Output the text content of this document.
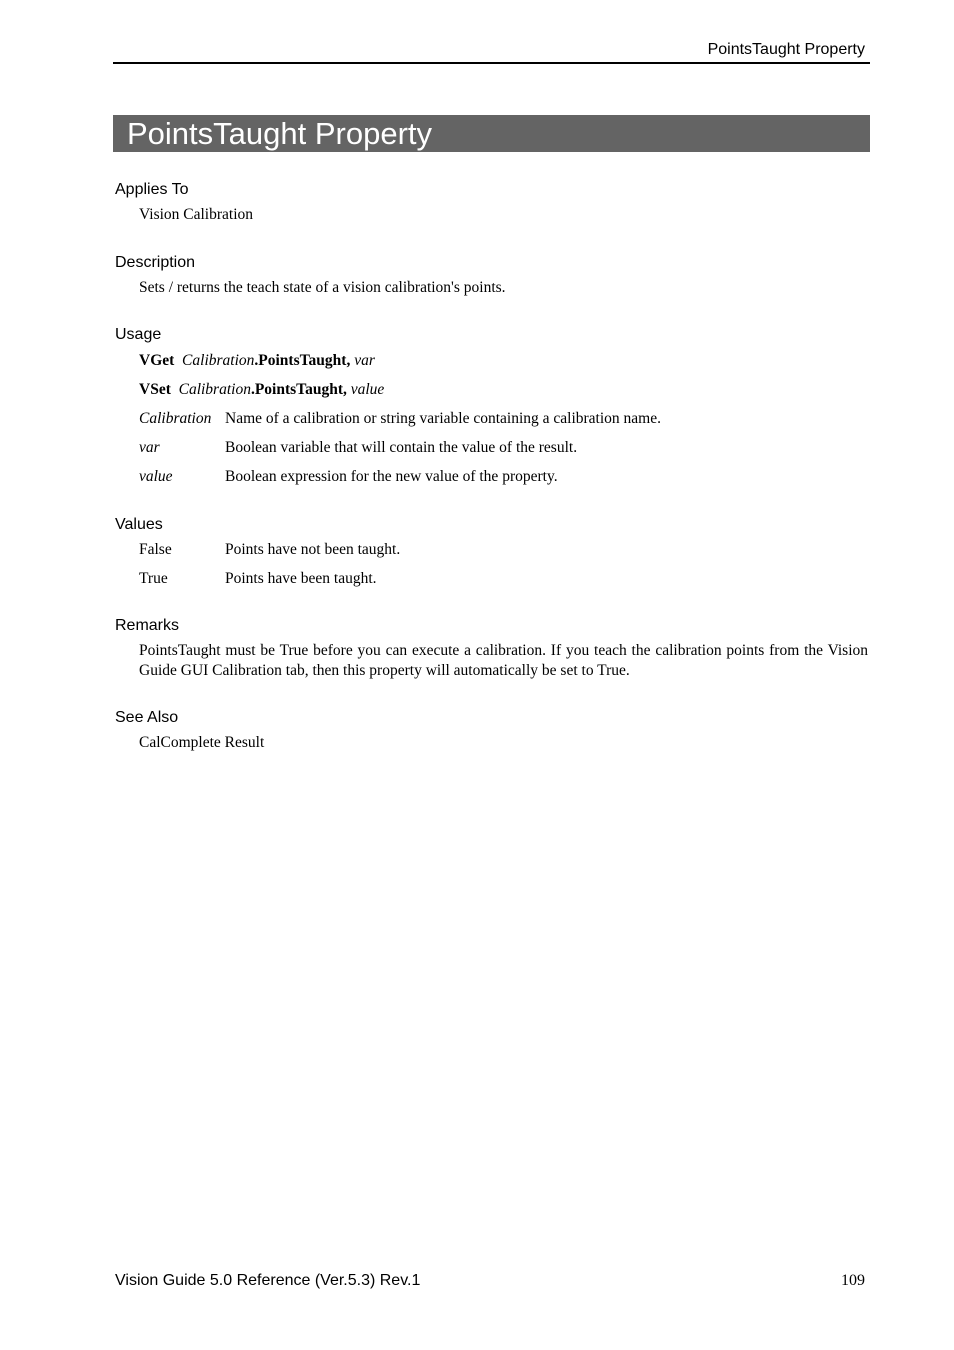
PointsTaught Property
PointsTaught Property
Applies To
Vision Calibration
Description
Sets / returns the teach state of a vision calibration's points.
Usage
VGet Calibration.PointsTaught, var
VSet Calibration.PointsTaught, value
Calibration Name of a calibration or string variable containing a calibration name.
var	Boolean variable that will contain the value of the result.
value	Boolean expression for the new value of the property.
Values
False	Points have not been taught.
True	Points have been taught.
Remarks
PointsTaught must be True before you can execute a calibration. If you teach the calibration points from the Vision Guide GUI Calibration tab, then this property will automatically be set to True.
See Also
CalComplete Result
Vision Guide 5.0 Reference (Ver.5.3) Rev.1	109
